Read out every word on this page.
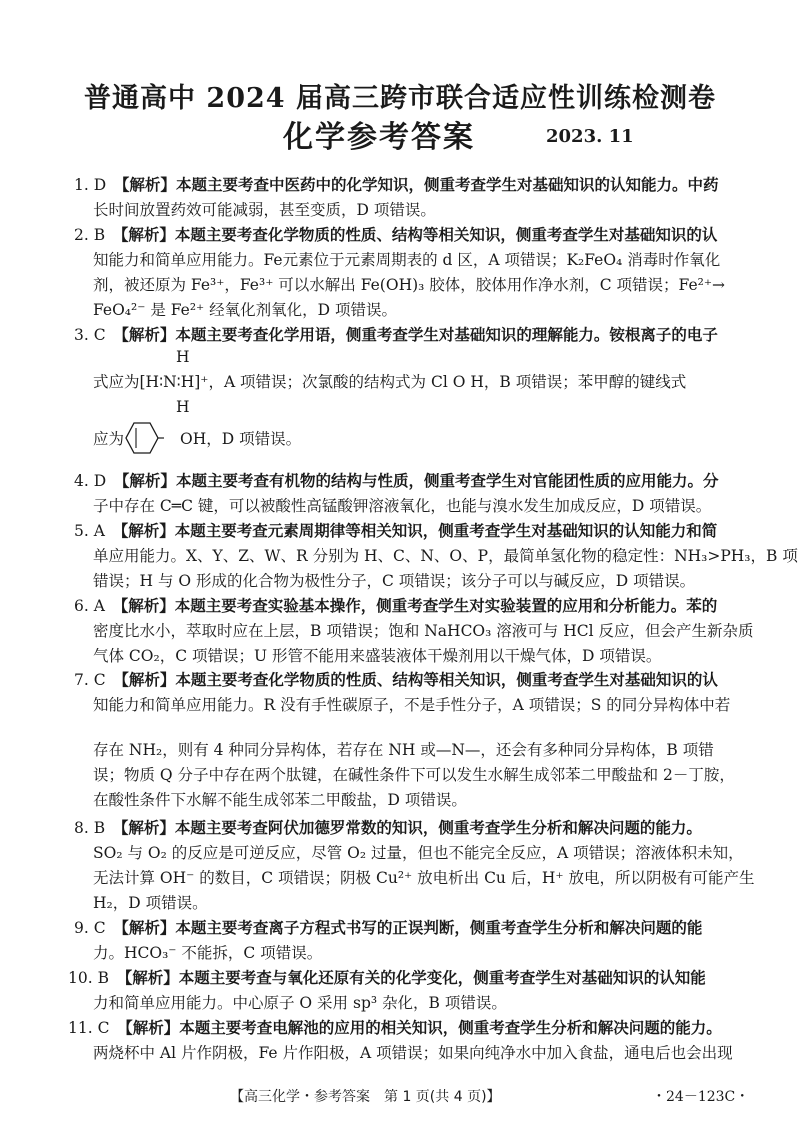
普通高中 2024 届高三跨市联合适应性训练检测卷
化学参考答案	2023. 11

1. D　 【解析】本题主要考查中医药中的化学知识，侧重考查学生对基础知识的认知能力。中药

长时间放置药效可能减弱，甚至变质，D 项错误。

2. B　 【解析】本题主要考查化学物质的性质、结构等相关知识，侧重考查学生对基础知识的认

知能力和简单应用能力。Fe元素位于元素周期表的 d 区，A 项错误；K₂FeO₄ 消毒时作氧化

剂，被还原为 Fe³⁺，Fe³⁺ 可以水解出 Fe(OH)₃ 胶体，胶体用作净水剂，C 项错误；Fe²⁺→

FeO₄²⁻ 是 Fe²⁺ 经氧化剂氧化，D 项错误。

3. C　 【解析】本题主要考查化学用语，侧重考查学生对基础知识的理解能力。铵根离子的电子

H

式应为[H∶N∶H]⁺，A 项错误；次氯酸的结构式为 Cl O H，B 项错误；苯甲醇的键线式

H

应为	OH，D 项错误。

4. D　 【解析】本题主要考查有机物的结构与性质，侧重考查学生对官能团性质的应用能力。分

子中存在 C═C 键，可以被酸性高锰酸钾溶液氧化，也能与溴水发生加成反应，D 项错误。

5. A　 【解析】本题主要考查元素周期律等相关知识，侧重考查学生对基础知识的认知能力和简

单应用能力。X、Y、Z、W、R 分别为 H、C、N、O、P，最简单氢化物的稳定性：NH₃>PH₃，B 项

错误；H 与 O 形成的化合物为极性分子，C 项错误；该分子可以与碱反应，D 项错误。

6. A　 【解析】本题主要考查实验基本操作，侧重考查学生对实验装置的应用和分析能力。苯的

密度比水小，萃取时应在上层，B 项错误；饱和 NaHCO₃ 溶液可与 HCl 反应，但会产生新杂质

气体 CO₂，C 项错误；U 形管不能用来盛装液体干燥剂用以干燥气体，D 项错误。

7. C　 【解析】本题主要考查化学物质的性质、结构等相关知识，侧重考查学生对基础知识的认

知能力和简单应用能力。R 没有手性碳原子，不是手性分子，A 项错误；S 的同分异构体中若

存在 NH₂，则有 4 种同分异构体，若存在 NH 或—N—，还会有多种同分异构体，B 项错

误；物质 Q 分子中存在两个肽键，在碱性条件下可以发生水解生成邻苯二甲酸盐和 2－丁胺，

在酸性条件下水解不能生成邻苯二甲酸盐，D 项错误。

8. B　 【解析】本题主要考查阿伏加德罗常数的知识，侧重考查学生分析和解决问题的能力。

SO₂ 与 O₂ 的反应是可逆反应，尽管 O₂ 过量，但也不能完全反应，A 项错误；溶液体积未知，

无法计算 OH⁻ 的数目，C 项错误；阴极 Cu²⁺ 放电析出 Cu 后，H⁺ 放电，所以阴极有可能产生

H₂，D 项错误。

9. C　 【解析】本题主要考查离子方程式书写的正误判断，侧重考查学生分析和解决问题的能

力。HCO₃⁻ 不能拆，C 项错误。

10. B　 【解析】本题主要考查与氧化还原有关的化学变化，侧重考查学生对基础知识的认知能

力和简单应用能力。中心原子 O 采用 sp³ 杂化，B 项错误。

11. C　 【解析】本题主要考查电解池的应用的相关知识，侧重考查学生分析和解决问题的能力。

两烧杯中 Al 片作阴极，Fe 片作阳极，A 项错误；如果向纯净水中加入食盐，通电后也会出现

【高三化学・参考答案　第 1 页(共 4 页)】	・24－123C・
